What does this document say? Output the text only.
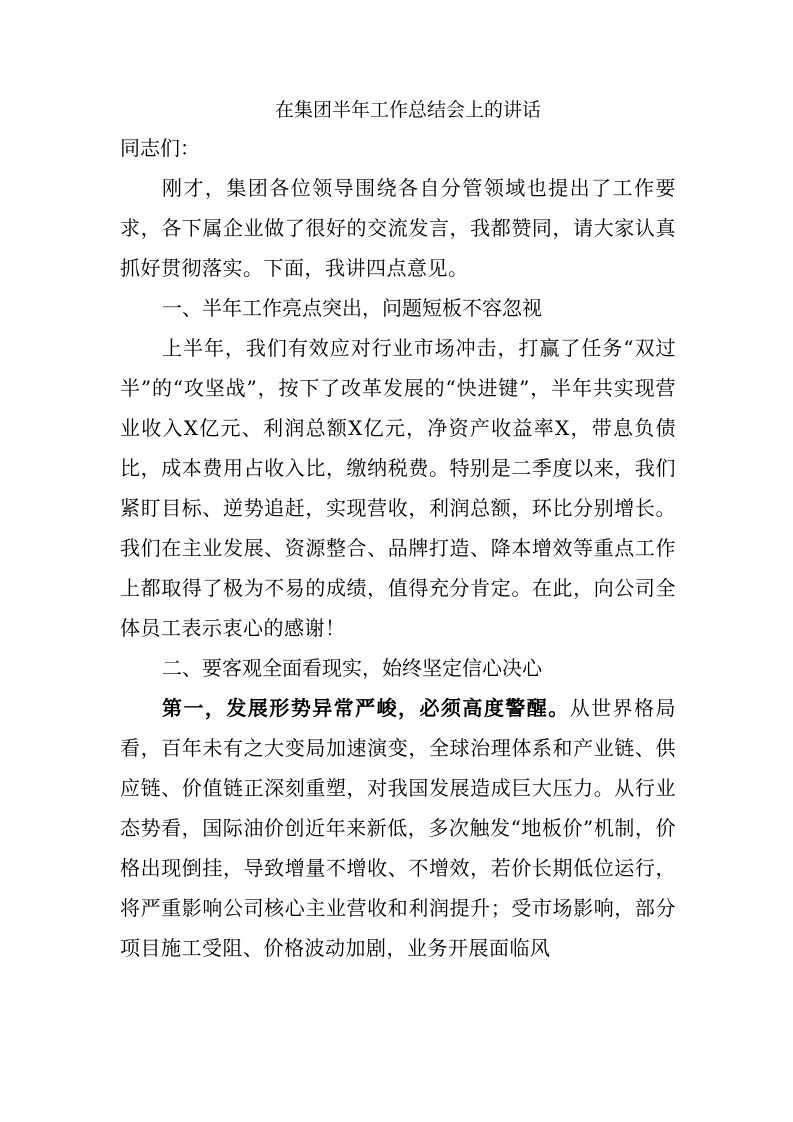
在集团半年工作总结会上的讲话

同志们：

刚才，集团各位领导围绕各自分管领域也提出了工作要求，各下属企业做了很好的交流发言，我都赞同，请大家认真抓好贯彻落实。下面，我讲四点意见。

一、半年工作亮点突出，问题短板不容忽视

上半年，我们有效应对行业市场冲击，打赢了任务“双过半”的“攻坚战”，按下了改革发展的“快进键”，半年共实现营业收入X亿元、利润总额X亿元，净资产收益率X，带息负债比，成本费用占收入比，缴纳税费。特别是二季度以来，我们紧盯目标、逆势追赶，实现营收，利润总额，环比分别增长。我们在主业发展、资源整合、品牌打造、降本增效等重点工作上都取得了极为不易的成绩，值得充分肯定。在此，向公司全体员工表示衷心的感谢！

二、要客观全面看现实，始终坚定信心决心

第一，发展形势异常严峻，必须高度警醒。从世界格局看，百年未有之大变局加速演变，全球治理体系和产业链、供应链、价值链正深刻重塑，对我国发展造成巨大压力。从行业态势看，国际油价创近年来新低，多次触发“地板价”机制，价格出现倒挂，导致增量不增收、不增效，若价长期低位运行，将严重影响公司核心主业营收和利润提升；受市场影响，部分项目施工受阻、价格波动加剧，业务开展面临风
